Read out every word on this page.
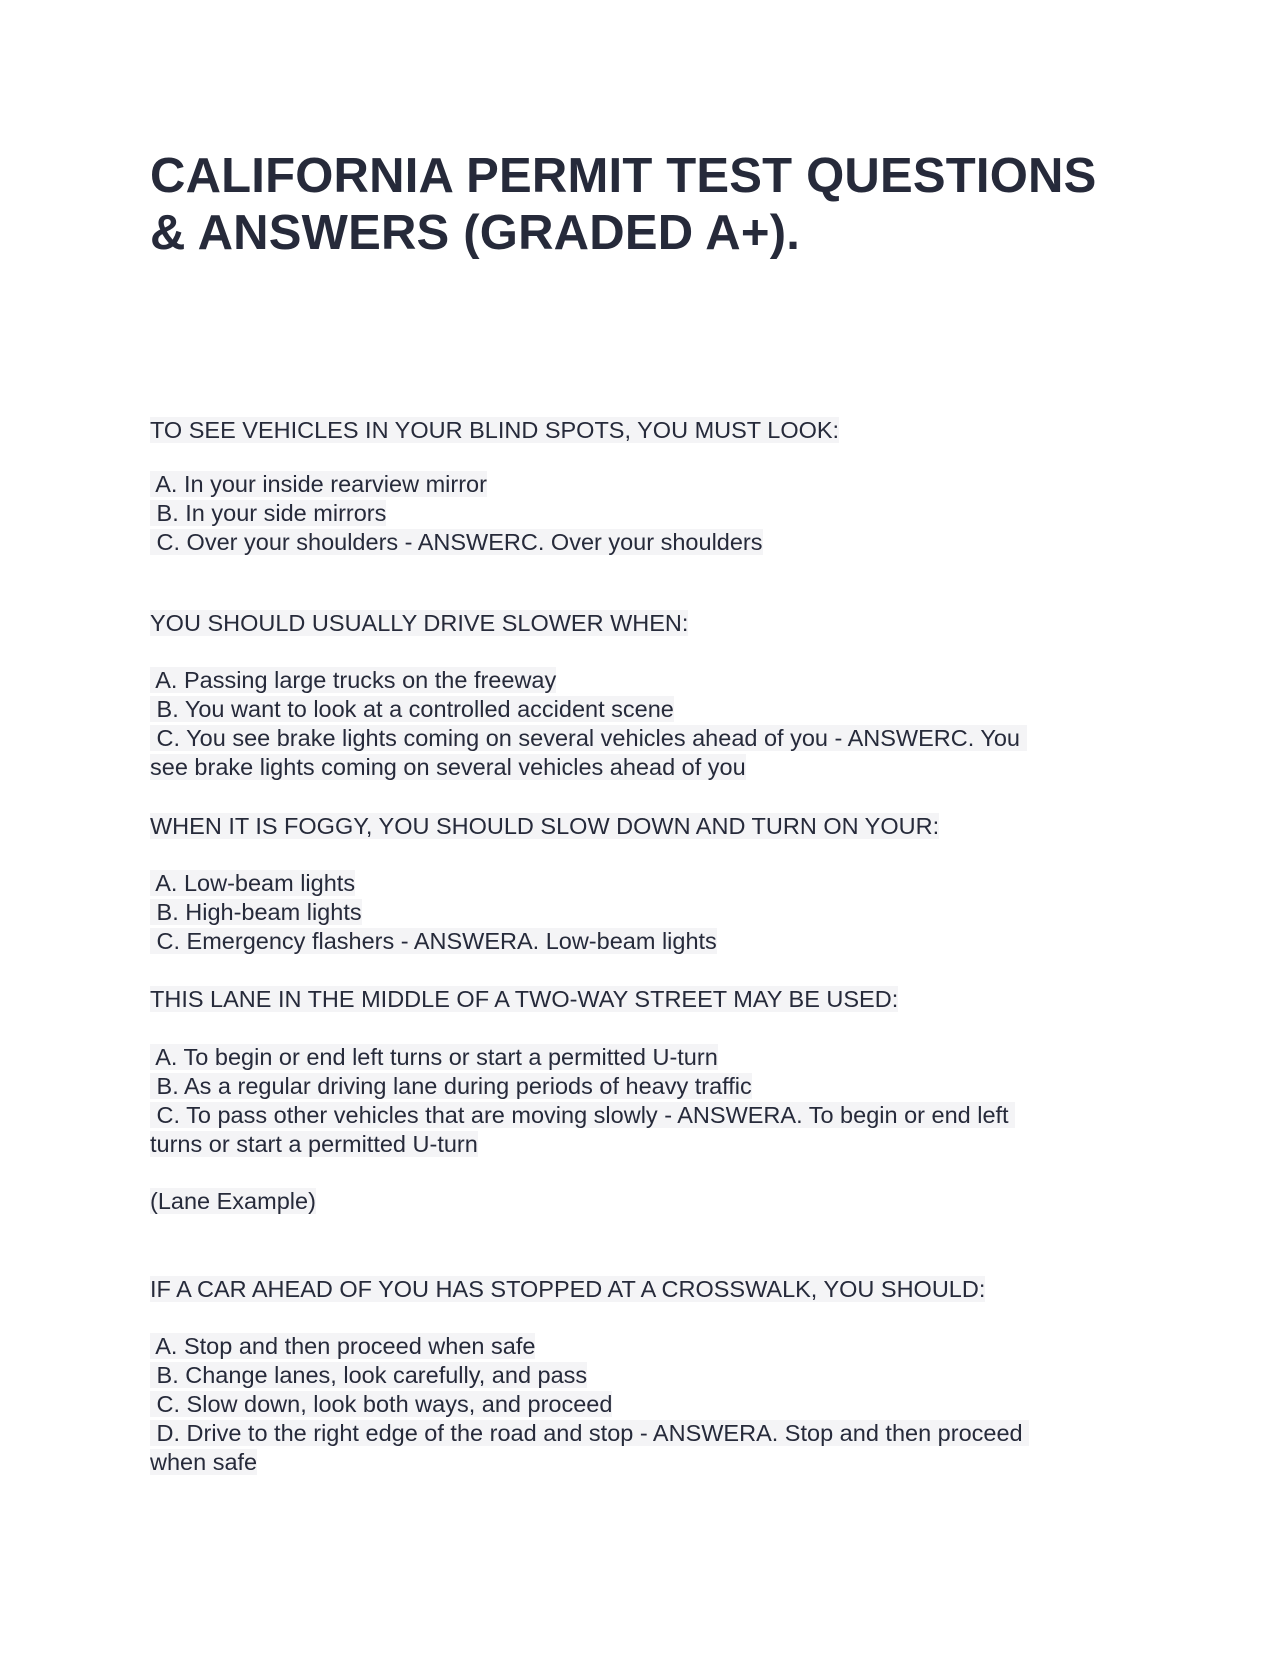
CALIFORNIA PERMIT TEST QUESTIONS
& ANSWERS (GRADED A+).
TO SEE VEHICLES IN YOUR BLIND SPOTS, YOU MUST LOOK:
A. In your inside rearview mirror
B. In your side mirrors
C. Over your shoulders - ANSWERC. Over your shoulders
YOU SHOULD USUALLY DRIVE SLOWER WHEN:
A. Passing large trucks on the freeway
B. You want to look at a controlled accident scene
C. You see brake lights coming on several vehicles ahead of you - ANSWERC. You
see brake lights coming on several vehicles ahead of you
WHEN IT IS FOGGY, YOU SHOULD SLOW DOWN AND TURN ON YOUR:
A. Low-beam lights
B. High-beam lights
C. Emergency flashers - ANSWERA. Low-beam lights
THIS LANE IN THE MIDDLE OF A TWO-WAY STREET MAY BE USED:
A. To begin or end left turns or start a permitted U-turn
B. As a regular driving lane during periods of heavy traffic
C. To pass other vehicles that are moving slowly - ANSWERA. To begin or end left
turns or start a permitted U-turn
(Lane Example)
IF A CAR AHEAD OF YOU HAS STOPPED AT A CROSSWALK, YOU SHOULD:
A. Stop and then proceed when safe
B. Change lanes, look carefully, and pass
C. Slow down, look both ways, and proceed
D. Drive to the right edge of the road and stop - ANSWERA. Stop and then proceed
when safe
